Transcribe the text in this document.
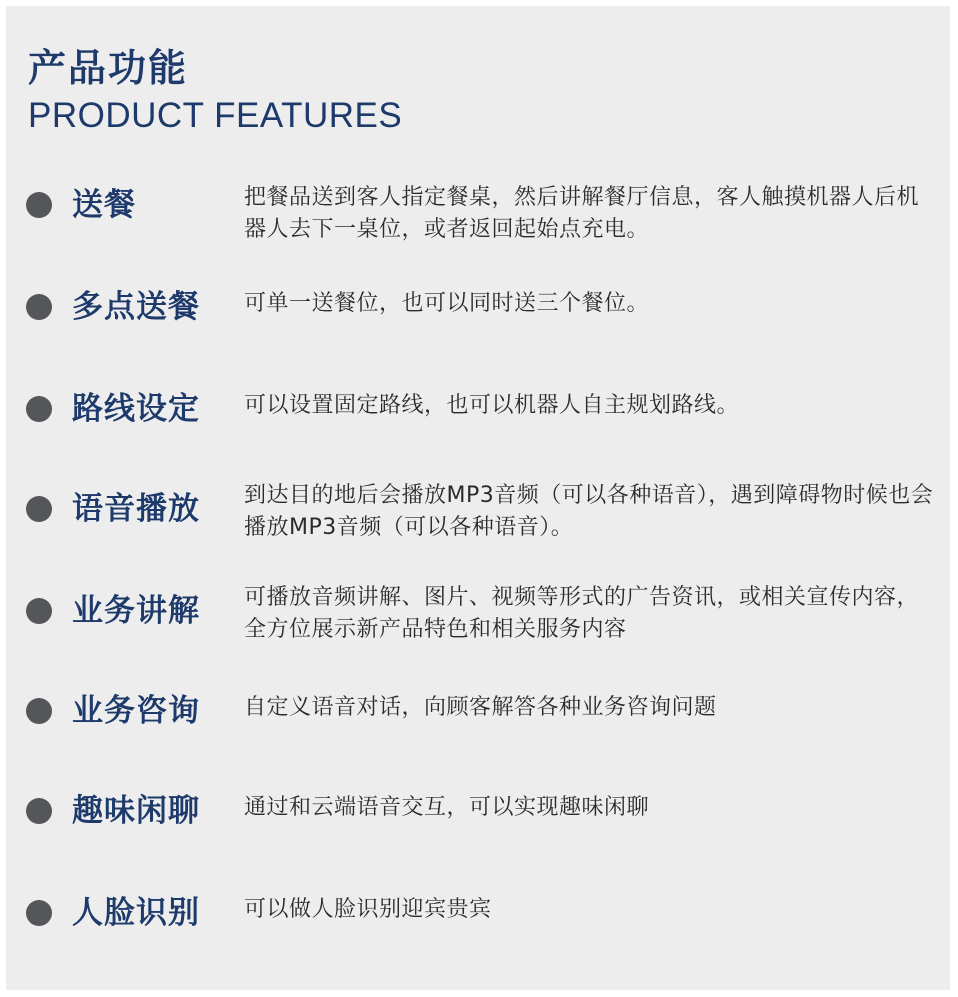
产品功能
PRODUCT FEATURES
送餐	把餐品送到客人指定餐桌，然后讲解餐厅信息，客人触摸机器人后机器人去下一桌位，或者返回起始点充电。
多点送餐 可单一送餐位，也可以同时送三个餐位。
路线设定 可以设置固定路线，也可以机器人自主规划路线。
语音播放 到达目的地后会播放MP3音频（可以各种语音），遇到障碍物时候也会播放MP3音频（可以各种语音）。
业务讲解 可播放音频讲解、图片、视频等形式的广告资讯，或相关宣传内容，全方位展示新产品特色和相关服务内容
业务咨询 自定义语音对话，向顾客解答各种业务咨询问题
趣味闲聊 通过和云端语音交互，可以实现趣味闲聊
人脸识别 可以做人脸识别迎宾贵宾
